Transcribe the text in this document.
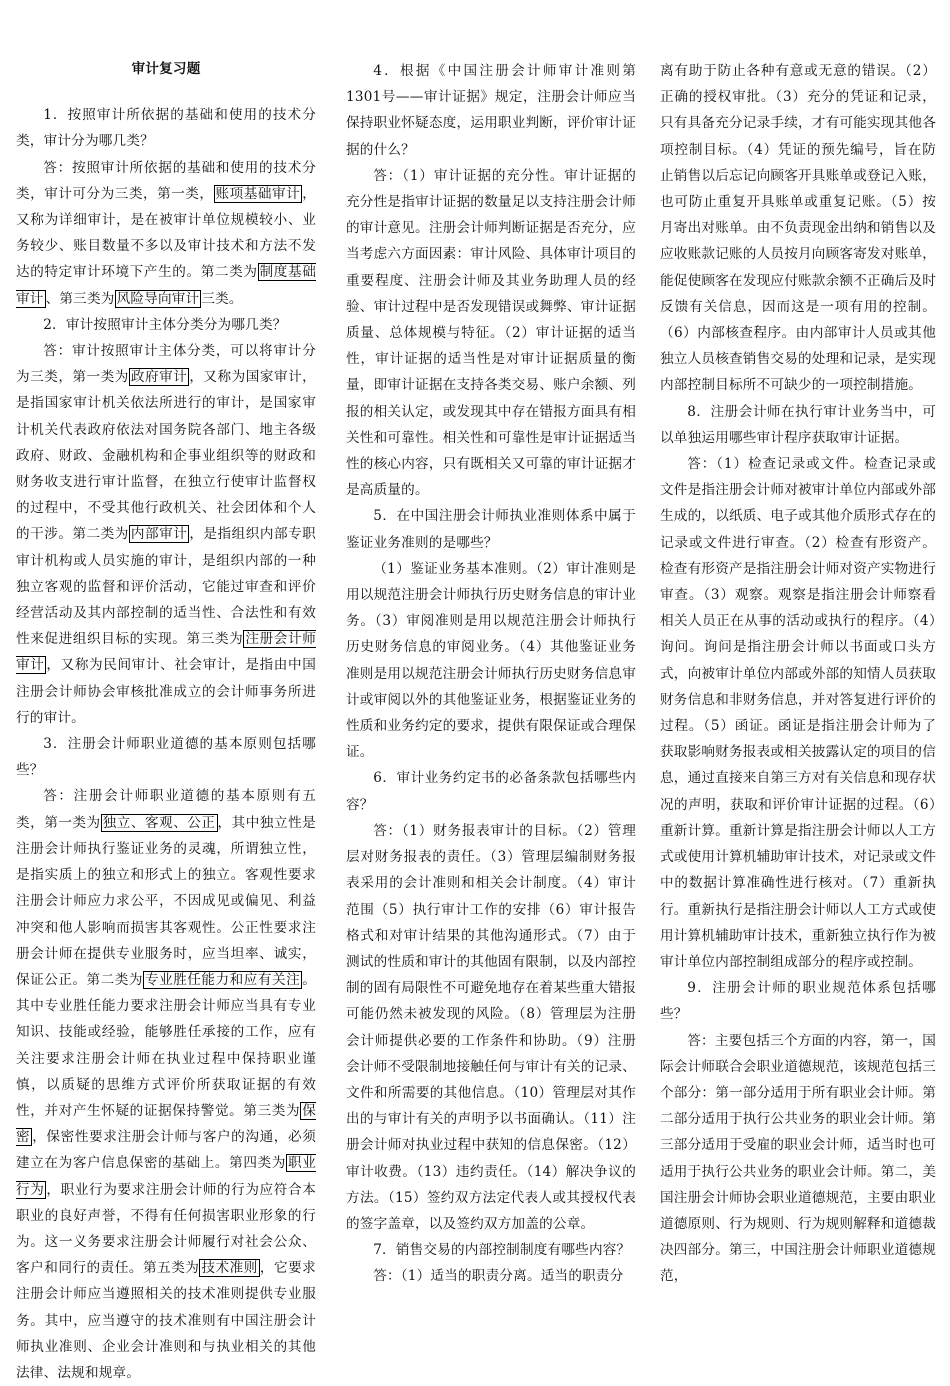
审计复习题

1．按照审计所依据的基础和使用的技术分类，审计分为哪几类？

答：按照审计所依据的基础和使用的技术分类，审计可分为三类，第一类， 账项基础审计 ，又称为详细审计，是在被审计单位规模较小、业务较少、账目数量不多以及审计技术和方法不发达的特定审计环境下产生的。第二类为 制度基础审计 、第三类为 风险导向审计 三类。

2．审计按照审计主体分类分为哪几类？

答：审计按照审计主体分类，可以将审计分为三类，第一类为 政府审计 ，又称为国家审计，是指国家审计机关依法所进行的审计，是国家审计机关代表政府依法对国务院各部门、地主各级政府、财政、金融机构和企事业组织等的财政和财务收支进行审计监督，在独立行使审计监督权的过程中，不受其他行政机关、社会团体和个人的干涉。第二类为 内部审计 ，是指组织内部专职审计机构或人员实施的审计，是组织内部的一种独立客观的监督和评价活动，它能过审查和评价经营活动及其内部控制的适当性、合法性和有效性来促进组织目标的实现。第三类为 注册会计师审计 ，又称为民间审计、社会审计，是指由中国注册会计师协会审核批准成立的会计师事务所进行的审计。

3．注册会计师职业道德的基本原则包括哪些？

答：注册会计师职业道德的基本原则有五类，第一类为 独立、客观、公正 ，其中独立性是注册会计师执行鉴证业务的灵魂，所谓独立性，是指实质上的独立和形式上的独立。客观性要求注册会计师应力求公平，不因成见或偏见、利益冲突和他人影响而损害其客观性。公正性要求注册会计师在提供专业服务时，应当坦率、诚实，保证公正。第二类为 专业胜任能力和应有关注 。其中专业胜任能力要求注册会计师应当具有专业知识、技能或经验，能够胜任承接的工作，应有关注要求注册会计师在执业过程中保持职业谨慎，以质疑的思维方式评价所获取证据的有效性，并对产生怀疑的证据保持警觉。第三类为 保密 ，保密性要求注册会计师与客户的沟通，必须建立在为客户信息保密的基础上。第四类为 职业行为 ，职业行为要求注册会计师的行为应符合本职业的良好声誉，不得有任何损害职业形象的行为。这一义务要求注册会计师履行对社会公众、客户和同行的责任。第五类为 技术准则 ，它要求注册会计师应当遵照相关的技术准则提供专业服务。其中，应当遵守的技术准则有中国注册会计师执业准则、企业会计准则和与执业相关的其他法律、法规和规章。

4．根据《中国注册会计师审计准则第1301号——审计证据》规定，注册会计师应当保持职业怀疑态度，运用职业判断，评价审计证据的什么？

答：（1）审计证据的充分性。审计证据的充分性是指审计证据的数量足以支持注册会计师的审计意见。注册会计师判断证据是否充分，应当考虑六方面因素：审计风险、具体审计项目的重要程度、注册会计师及其业务助理人员的经验、审计过程中是否发现错误或舞弊、审计证据质量、总体规模与特征。（2）审计证据的适当性，审计证据的适当性是对审计证据质量的衡量，即审计证据在支持各类交易、账户余额、列报的相关认定，或发现其中存在错报方面具有相关性和可靠性。相关性和可靠性是审计证据适当性的核心内容，只有既相关又可靠的审计证据才是高质量的。

5．在中国注册会计师执业准则体系中属于鉴证业务准则的是哪些？

（1）鉴证业务基本准则。（2）审计准则是用以规范注册会计师执行历史财务信息的审计业务。（3）审阅准则是用以规范注册会计师执行历史财务信息的审阅业务。（4）其他鉴证业务准则是用以规范注册会计师执行历史财务信息审计或审阅以外的其他鉴证业务，根据鉴证业务的性质和业务约定的要求，提供有限保证或合理保证。

6．审计业务约定书的必备条款包括哪些内容？

答：（1）财务报表审计的目标。（2）管理层对财务报表的责任。（3）管理层编制财务报表采用的会计准则和相关会计制度。（4）审计范围（5）执行审计工作的安排（6）审计报告格式和对审计结果的其他沟通形式。（7）由于测试的性质和审计的其他固有限制，以及内部控制的固有局限性不可避免地存在着某些重大错报可能仍然未被发现的风险。（8）管理层为注册会计师提供必要的工作条件和协助。（9）注册会计师不受限制地接触任何与审计有关的记录、文件和所需要的其他信息。（10）管理层对其作出的与审计有关的声明予以书面确认。（11）注册会计师对执业过程中获知的信息保密。（12）审计收费。（13）违约责任。（14）解决争议的方法。（15）签约双方法定代表人或其授权代表的签字盖章，以及签约双方加盖的公章。

7．销售交易的内部控制制度有哪些内容？

答：（1）适当的职责分离。适当的职责分

离有助于防止各种有意或无意的错误。（2）正确的授权审批。（3）充分的凭证和记录，只有具备充分记录手续，才有可能实现其他各项控制目标。（4）凭证的预先编号，旨在防止销售以后忘记向顾客开具账单或登记入账，也可防止重复开具账单或重复记账。（5）按月寄出对账单。由不负责现金出纳和销售以及应收账款记账的人员按月向顾客寄发对账单，能促使顾客在发现应付账款余额不正确后及时反馈有关信息，因而这是一项有用的控制。（6）内部核查程序。由内部审计人员或其他独立人员核查销售交易的处理和记录，是实现内部控制目标所不可缺少的一项控制措施。

8．注册会计师在执行审计业务当中，可以单独运用哪些审计程序获取审计证据。

答：（1）检查记录或文件。检查记录或文件是指注册会计师对被审计单位内部或外部生成的，以纸质、电子或其他介质形式存在的记录或文件进行审查。（2）检查有形资产。检查有形资产是指注册会计师对资产实物进行审查。（3）观察。观察是指注册会计师察看相关人员正在从事的活动或执行的程序。（4）询问。询问是指注册会计师以书面或口头方式，向被审计单位内部或外部的知情人员获取财务信息和非财务信息，并对答复进行评价的过程。（5）函证。函证是指注册会计师为了获取影响财务报表或相关披露认定的项目的信息，通过直接来自第三方对有关信息和现存状况的声明，获取和评价审计证据的过程。（6）重新计算。重新计算是指注册会计师以人工方式或使用计算机辅助审计技术，对记录或文件中的数据计算准确性进行核对。（7）重新执行。重新执行是指注册会计师以人工方式或使用计算机辅助审计技术，重新独立执行作为被审计单位内部控制组成部分的程序或控制。

9．注册会计师的职业规范体系包括哪些？

答：主要包括三个方面的内容，第一，国际会计师联合会职业道德规范，该规范包括三个部分：第一部分适用于所有职业会计师。第二部分适用于执行公共业务的职业会计师。第三部分适用于受雇的职业会计师，适当时也可适用于执行公共业务的职业会计师。第二，美国注册会计师协会职业道德规范，主要由职业道德原则、行为规则、行为规则解释和道德裁决四部分。第三，中国注册会计师职业道德规范，
